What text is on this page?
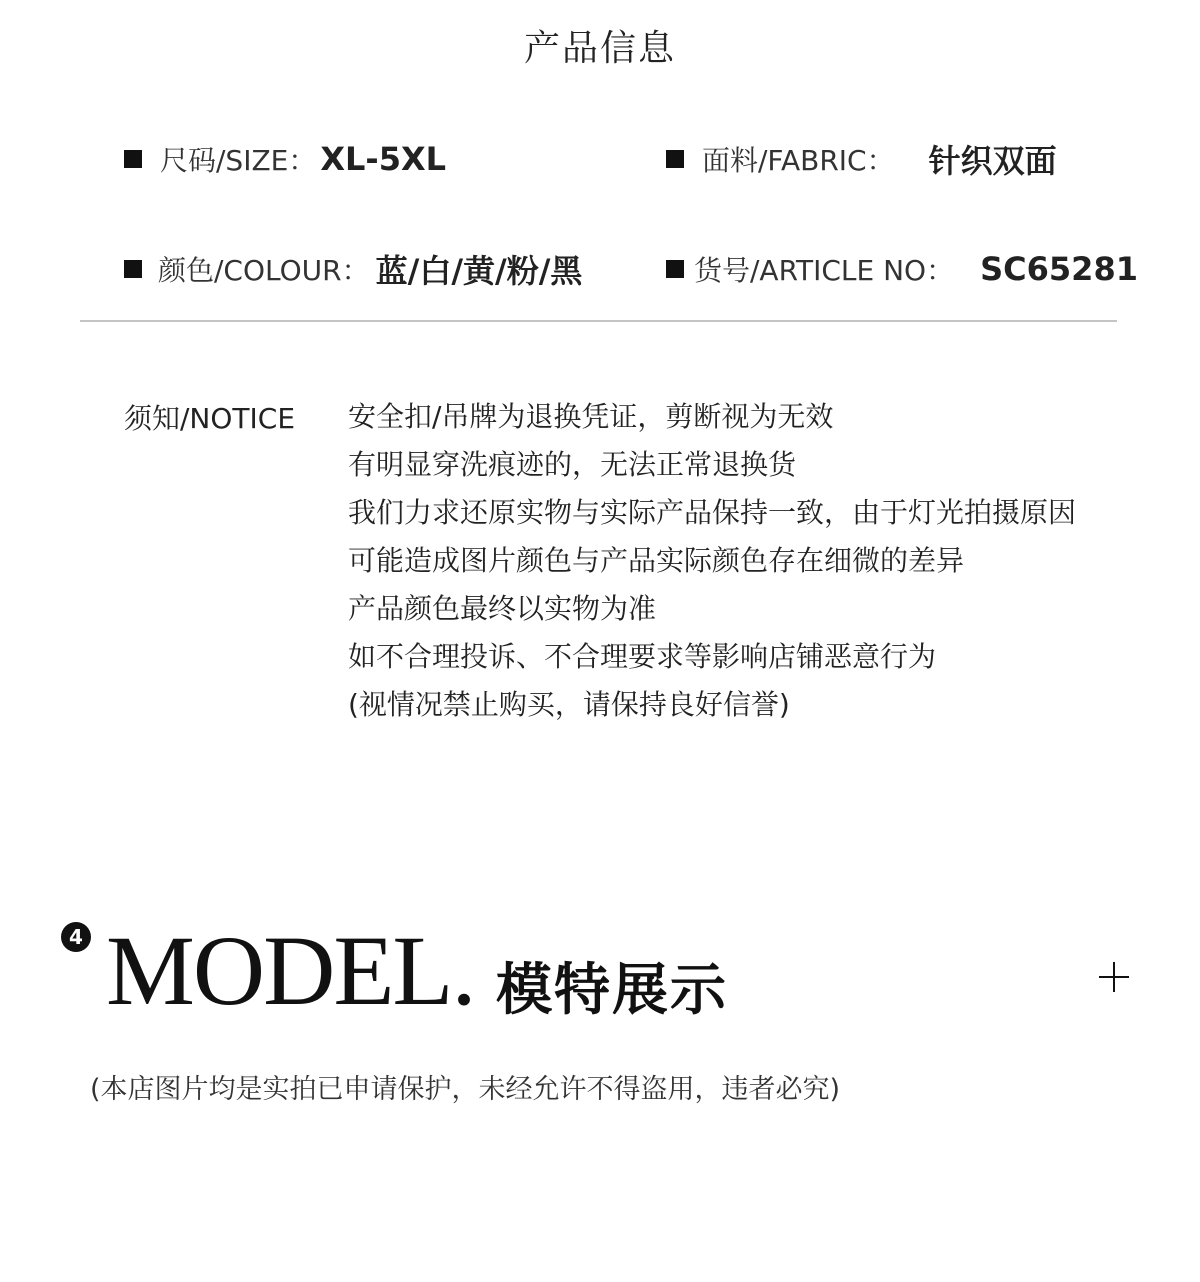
产品信息
尺码/SIZE： XL-5XL	面料/FABRIC： 针织双面
颜色/COLOUR： 蓝/白/黄/粉/黑	货号/ARTICLE NO： SC65281
须知/NOTICE 安全扣/吊牌为退换凭证，剪断视为无效
有明显穿洗痕迹的，无法正常退换货
我们力求还原实物与实际产品保持一致，由于灯光拍摄原因
可能造成图片颜色与产品实际颜色存在细微的差异
产品颜色最终以实物为准
如不合理投诉、不合理要求等影响店铺恶意行为
(视情况禁止购买，请保持良好信誉)
4 MODEL. 模特展示
(本店图片均是实拍已申请保护，未经允许不得盗用，违者必究)
